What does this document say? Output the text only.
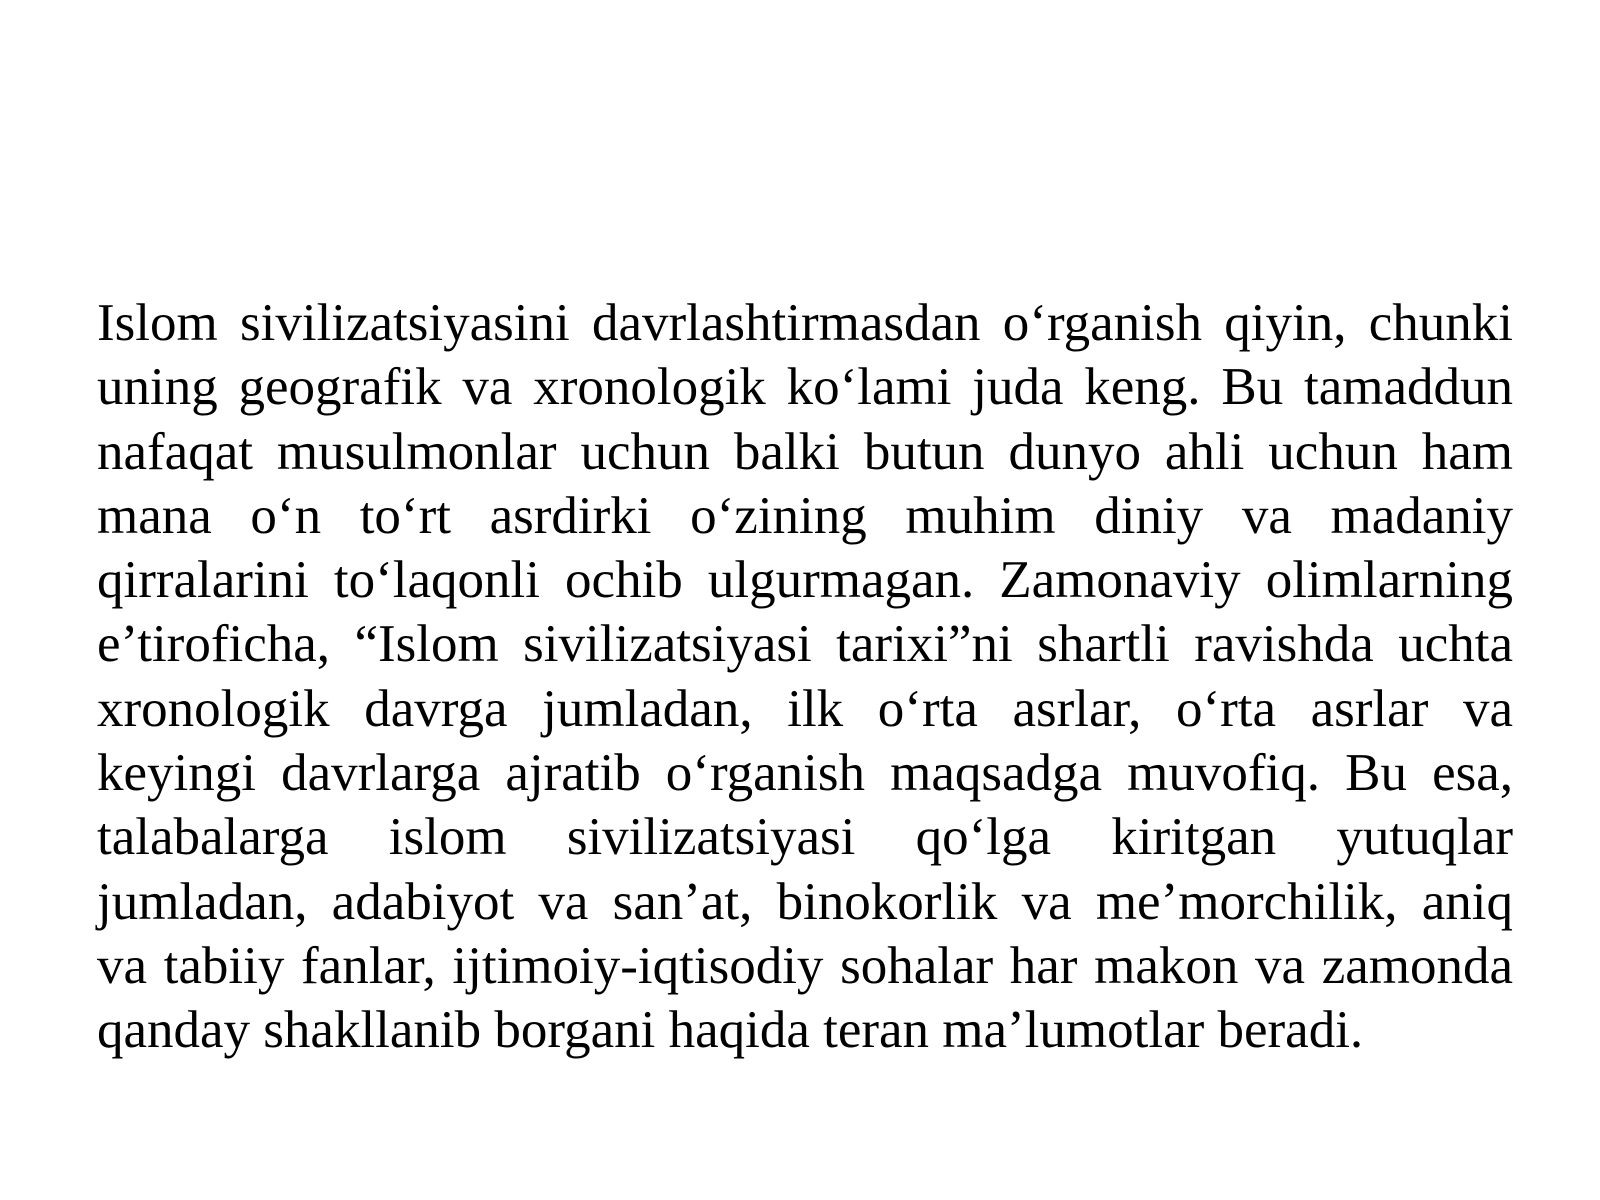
Islom sivilizatsiyasini davrlashtirmasdan o‘rganish qiyin, chunki
uning geografik va xronologik ko‘lami juda keng. Bu tamaddun
nafaqat musulmonlar uchun balki butun dunyo ahli uchun ham
mana o‘n to‘rt asrdirki o‘zining muhim diniy va madaniy
qirralarini to‘laqonli ochib ulgurmagan. Zamonaviy olimlarning
e’tiroficha, “Islom sivilizatsiyasi tarixi”ni shartli ravishda uchta
xronologik davrga jumladan, ilk o‘rta asrlar, o‘rta asrlar va
keyingi davrlarga ajratib o‘rganish maqsadga muvofiq. Bu esa,
talabalarga islom sivilizatsiyasi qo‘lga kiritgan yutuqlar
jumladan, adabiyot va san’at, binokorlik va me’morchilik, aniq
va tabiiy fanlar, ijtimoiy-iqtisodiy sohalar har makon va zamonda
qanday shakllanib borgani haqida teran ma’lumotlar beradi.
